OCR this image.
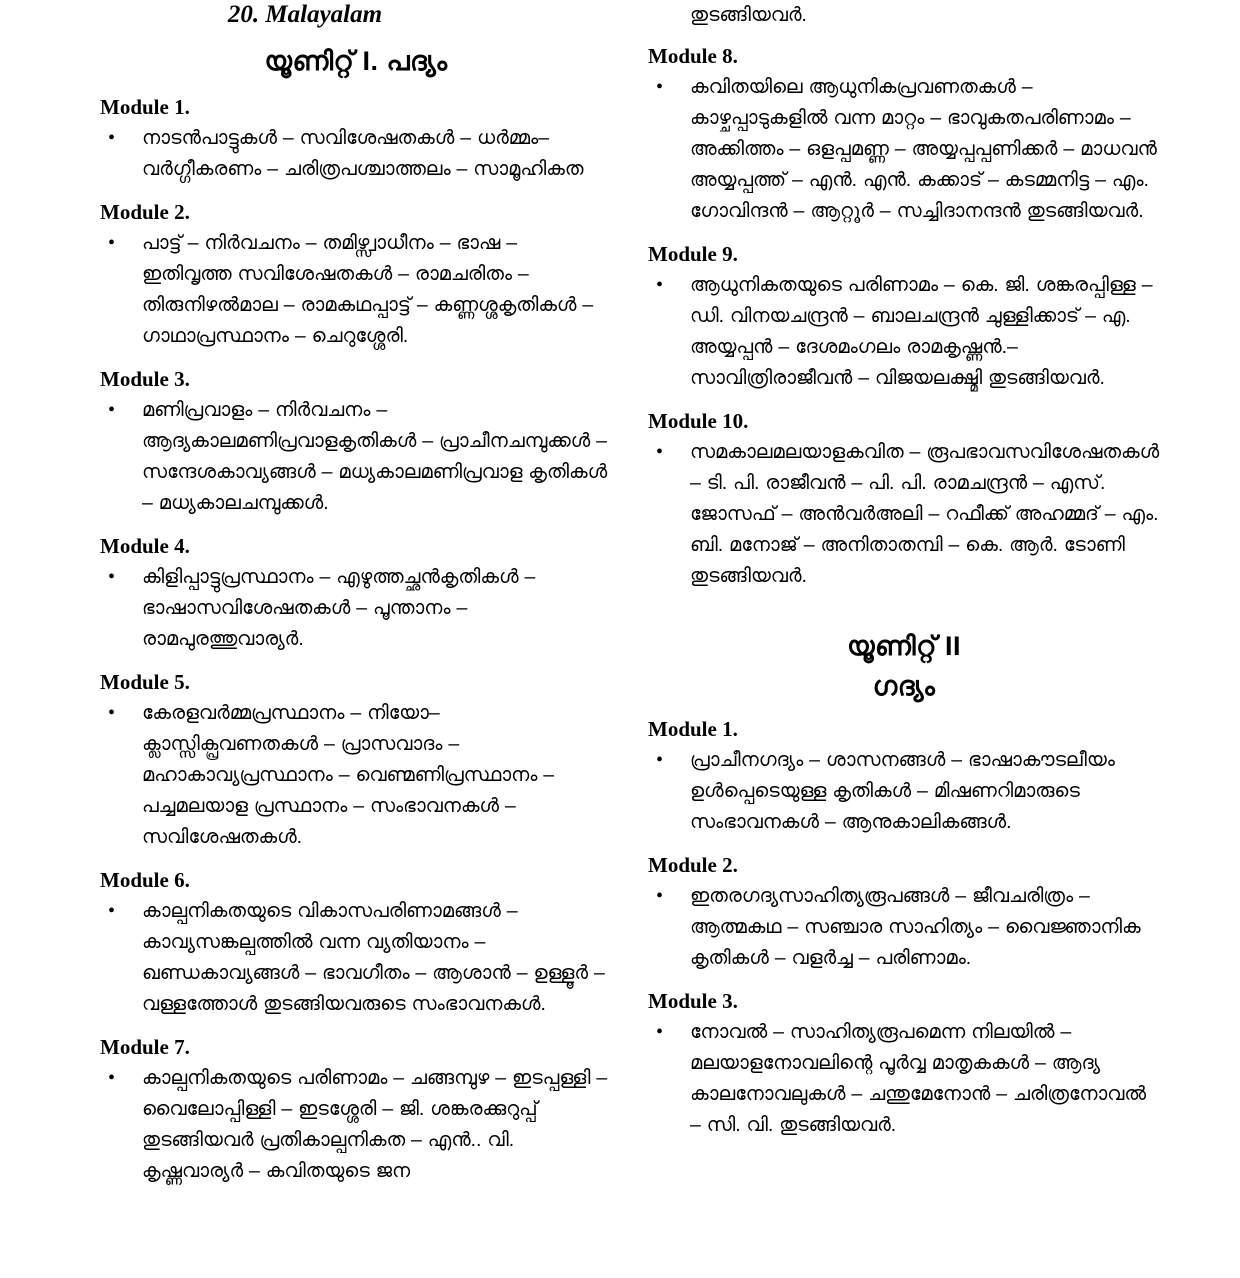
20. Malayalam
യൂണിറ്റ് I. പദ്യം
Module 1.
• നാടൻപാട്ടുകൾ – സവിശേഷതകൾ – ധർമ്മം–വർഗ്ഗീകരണം – ചരിത്രപശ്ചാത്തലം – സാമൂഹികത
Module 2.
• പാട്ട് – നിർവചനം – തമിഴ്സ്വാധീനം – ഭാഷ – ഇതിവൃത്ത സവിശേഷതകൾ – രാമചരിതം – തിരുനിഴൽമാല – രാമകഥപ്പാട്ട് – കണ്ണശ്ശകൃതികൾ – ഗാഥാപ്രസ്ഥാനം – ചെറുശ്ശേരി.
Module 3.
• മണിപ്രവാളം – നിർവചനം – ആദ്യകാലമണിപ്രവാളകൃതികൾ – പ്രാചീനചമ്പുക്കൾ – സന്ദേശകാവ്യങ്ങൾ – മധ്യകാലമണിപ്രവാള കൃതികൾ – മധ്യകാലചമ്പുക്കൾ.
Module 4.
• കിളിപ്പാട്ടുപ്രസ്ഥാനം – എഴുത്തച്ഛൻകൃതികൾ – ഭാഷാസവിശേഷതകൾ – പൂന്താനം – രാമപുരത്തുവാര്യർ.
Module 5.
• കേരളവർമ്മപ്രസ്ഥാനം – നിയോ–ക്ലാസ്സിക്പ്രവണതകൾ – പ്രാസവാദം – മഹാകാവ്യപ്രസ്ഥാനം – വെണ്മണിപ്രസ്ഥാനം – പച്ചമലയാള പ്രസ്ഥാനം – സംഭാവനകൾ – സവിശേഷതകൾ.
Module 6.
• കാല്പനികതയുടെ വികാസപരിണാമങ്ങൾ – കാവ്യസങ്കല്പത്തിൽ വന്ന വ്യതിയാനം – ഖണ്ഡകാവ്യങ്ങൾ – ഭാവഗീതം – ആശാൻ – ഉള്ളൂർ – വള്ളത്തോൾ തുടങ്ങിയവരുടെ സംഭാവനകൾ.
Module 7.
• കാല്പനികതയുടെ പരിണാമം – ചങ്ങമ്പുഴ – ഇടപ്പള്ളി – വൈലോപ്പിള്ളി – ഇടശ്ശേരി – ജി. ശങ്കരക്കുറുപ്പ് തുടങ്ങിയവർ പ്രതികാല്പനികത – എൻ.. വി. കൃഷ്ണവാര്യർ – കവിതയുടെ ജന
തുടങ്ങിയവർ.
Module 8.
• കവിതയിലെ ആധുനികപ്രവണതകൾ – കാഴ്ചപ്പാടുകളിൽ വന്ന മാറ്റം – ഭാവുകതപരിണാമം – അക്കിത്തം – ഒളപ്പമണ്ണ – അയ്യപ്പപ്പണിക്കർ – മാധവൻ അയ്യപ്പത്ത് – എൻ. എൻ. കക്കാട് – കടമ്മനിട്ട – എം. ഗോവിന്ദൻ – ആറ്റൂർ – സച്ചിദാനന്ദൻ തുടങ്ങിയവർ.
Module 9.
• ആധുനികതയുടെ പരിണാമം – കെ. ജി. ശങ്കരപ്പിള്ള – ഡി. വിനയചന്ദ്രൻ – ബാലചന്ദ്രൻ ചുള്ളിക്കാട് – എ. അയ്യപ്പൻ – ദേശമംഗലം രാമകൃഷ്ണൻ.– സാവിത്രിരാജീവൻ – വിജയലക്ഷ്മി തുടങ്ങിയവർ.
Module 10.
• സമകാലമലയാളകവിത – രൂപഭാവസവിശേഷതകൾ – ടി. പി. രാജീവൻ – പി. പി. രാമചന്ദ്രൻ – എസ്. ജോസഫ് – അൻവർഅലി – റഫീക്ക് അഹമ്മദ് – എം. ബി. മനോജ് – അനിതാതമ്പി – കെ. ആർ. ടോണി തുടങ്ങിയവർ.
യൂണിറ്റ് II
ഗദ്യം
Module 1.
• പ്രാചീനഗദ്യം – ശാസനങ്ങൾ – ഭാഷാകൗടലീയം ഉൾപ്പെടെയുള്ള കൃതികൾ – മിഷണറിമാരുടെ സംഭാവനകൾ – ആനുകാലികങ്ങൾ.
Module 2.
• ഇതരഗദ്യസാഹിത്യരൂപങ്ങൾ – ജീവചരിത്രം – ആത്മകഥ – സഞ്ചാര സാഹിത്യം – വൈജ്ഞാനിക കൃതികൾ – വളർച്ച – പരിണാമം.
Module 3.
• നോവൽ – സാഹിത്യരൂപമെന്ന നിലയിൽ – മലയാളനോവലിന്റെ പൂർവ്വ മാതൃകകൾ – ആദ്യ കാലനോവലുകൾ – ചന്തുമേനോൻ – ചരിത്രനോവൽ – സി. വി. തുടങ്ങിയവർ.
